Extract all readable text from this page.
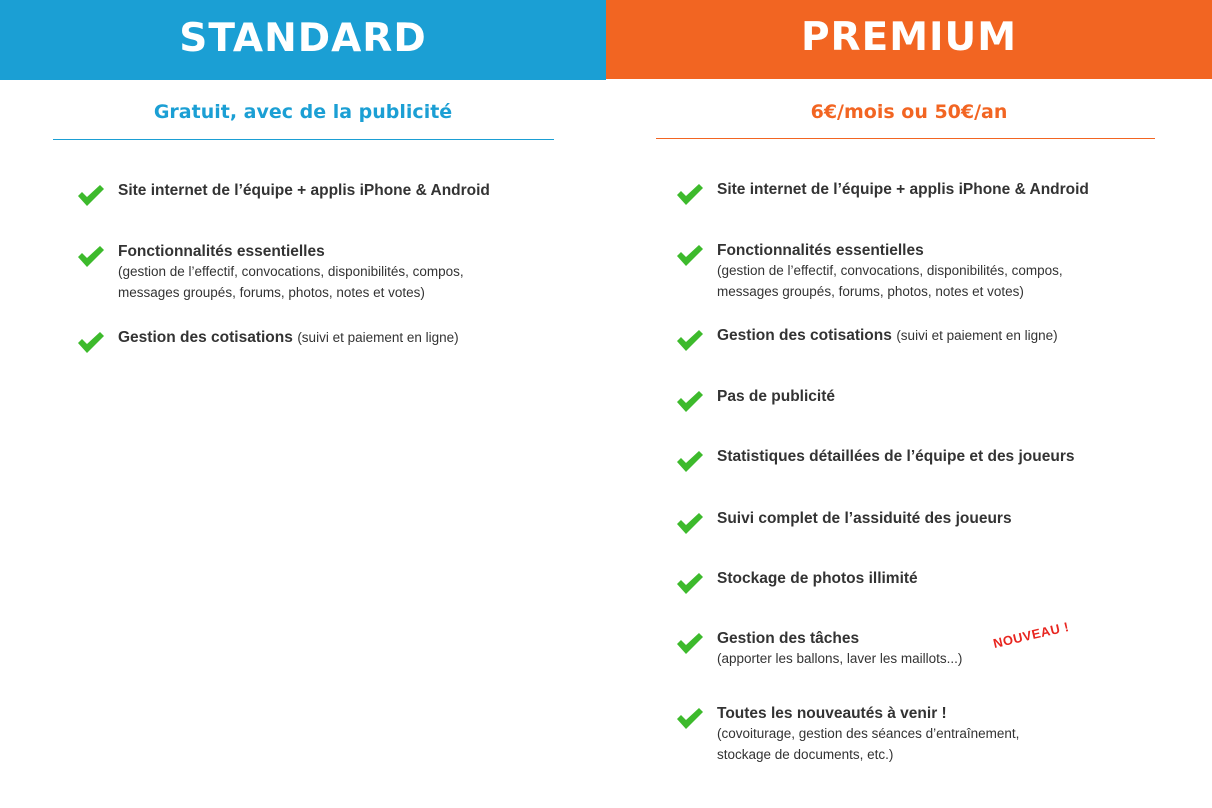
STANDARD
Gratuit, avec de la publicité
Site internet de l’équipe + applis iPhone & Android
Fonctionnalités essentielles
(gestion de l’effectif, convocations, disponibilités, compos,
messages groupés, forums, photos, notes et votes)
Gestion des cotisations (suivi et paiement en ligne)
PREMIUM
6€/mois ou 50€/an
Site internet de l’équipe + applis iPhone & Android
Fonctionnalités essentielles
(gestion de l’effectif, convocations, disponibilités, compos,
messages groupés, forums, photos, notes et votes)
Gestion des cotisations (suivi et paiement en ligne)
Pas de publicité
Statistiques détaillées de l’équipe et des joueurs
Suivi complet de l’assiduité des joueurs
Stockage de photos illimité
Gestion des tâches
(apporter les ballons, laver les maillots...)
NOUVEAU !
Toutes les nouveautés à venir !
(covoiturage, gestion des séances d’entraînement,
stockage de documents, etc.)
